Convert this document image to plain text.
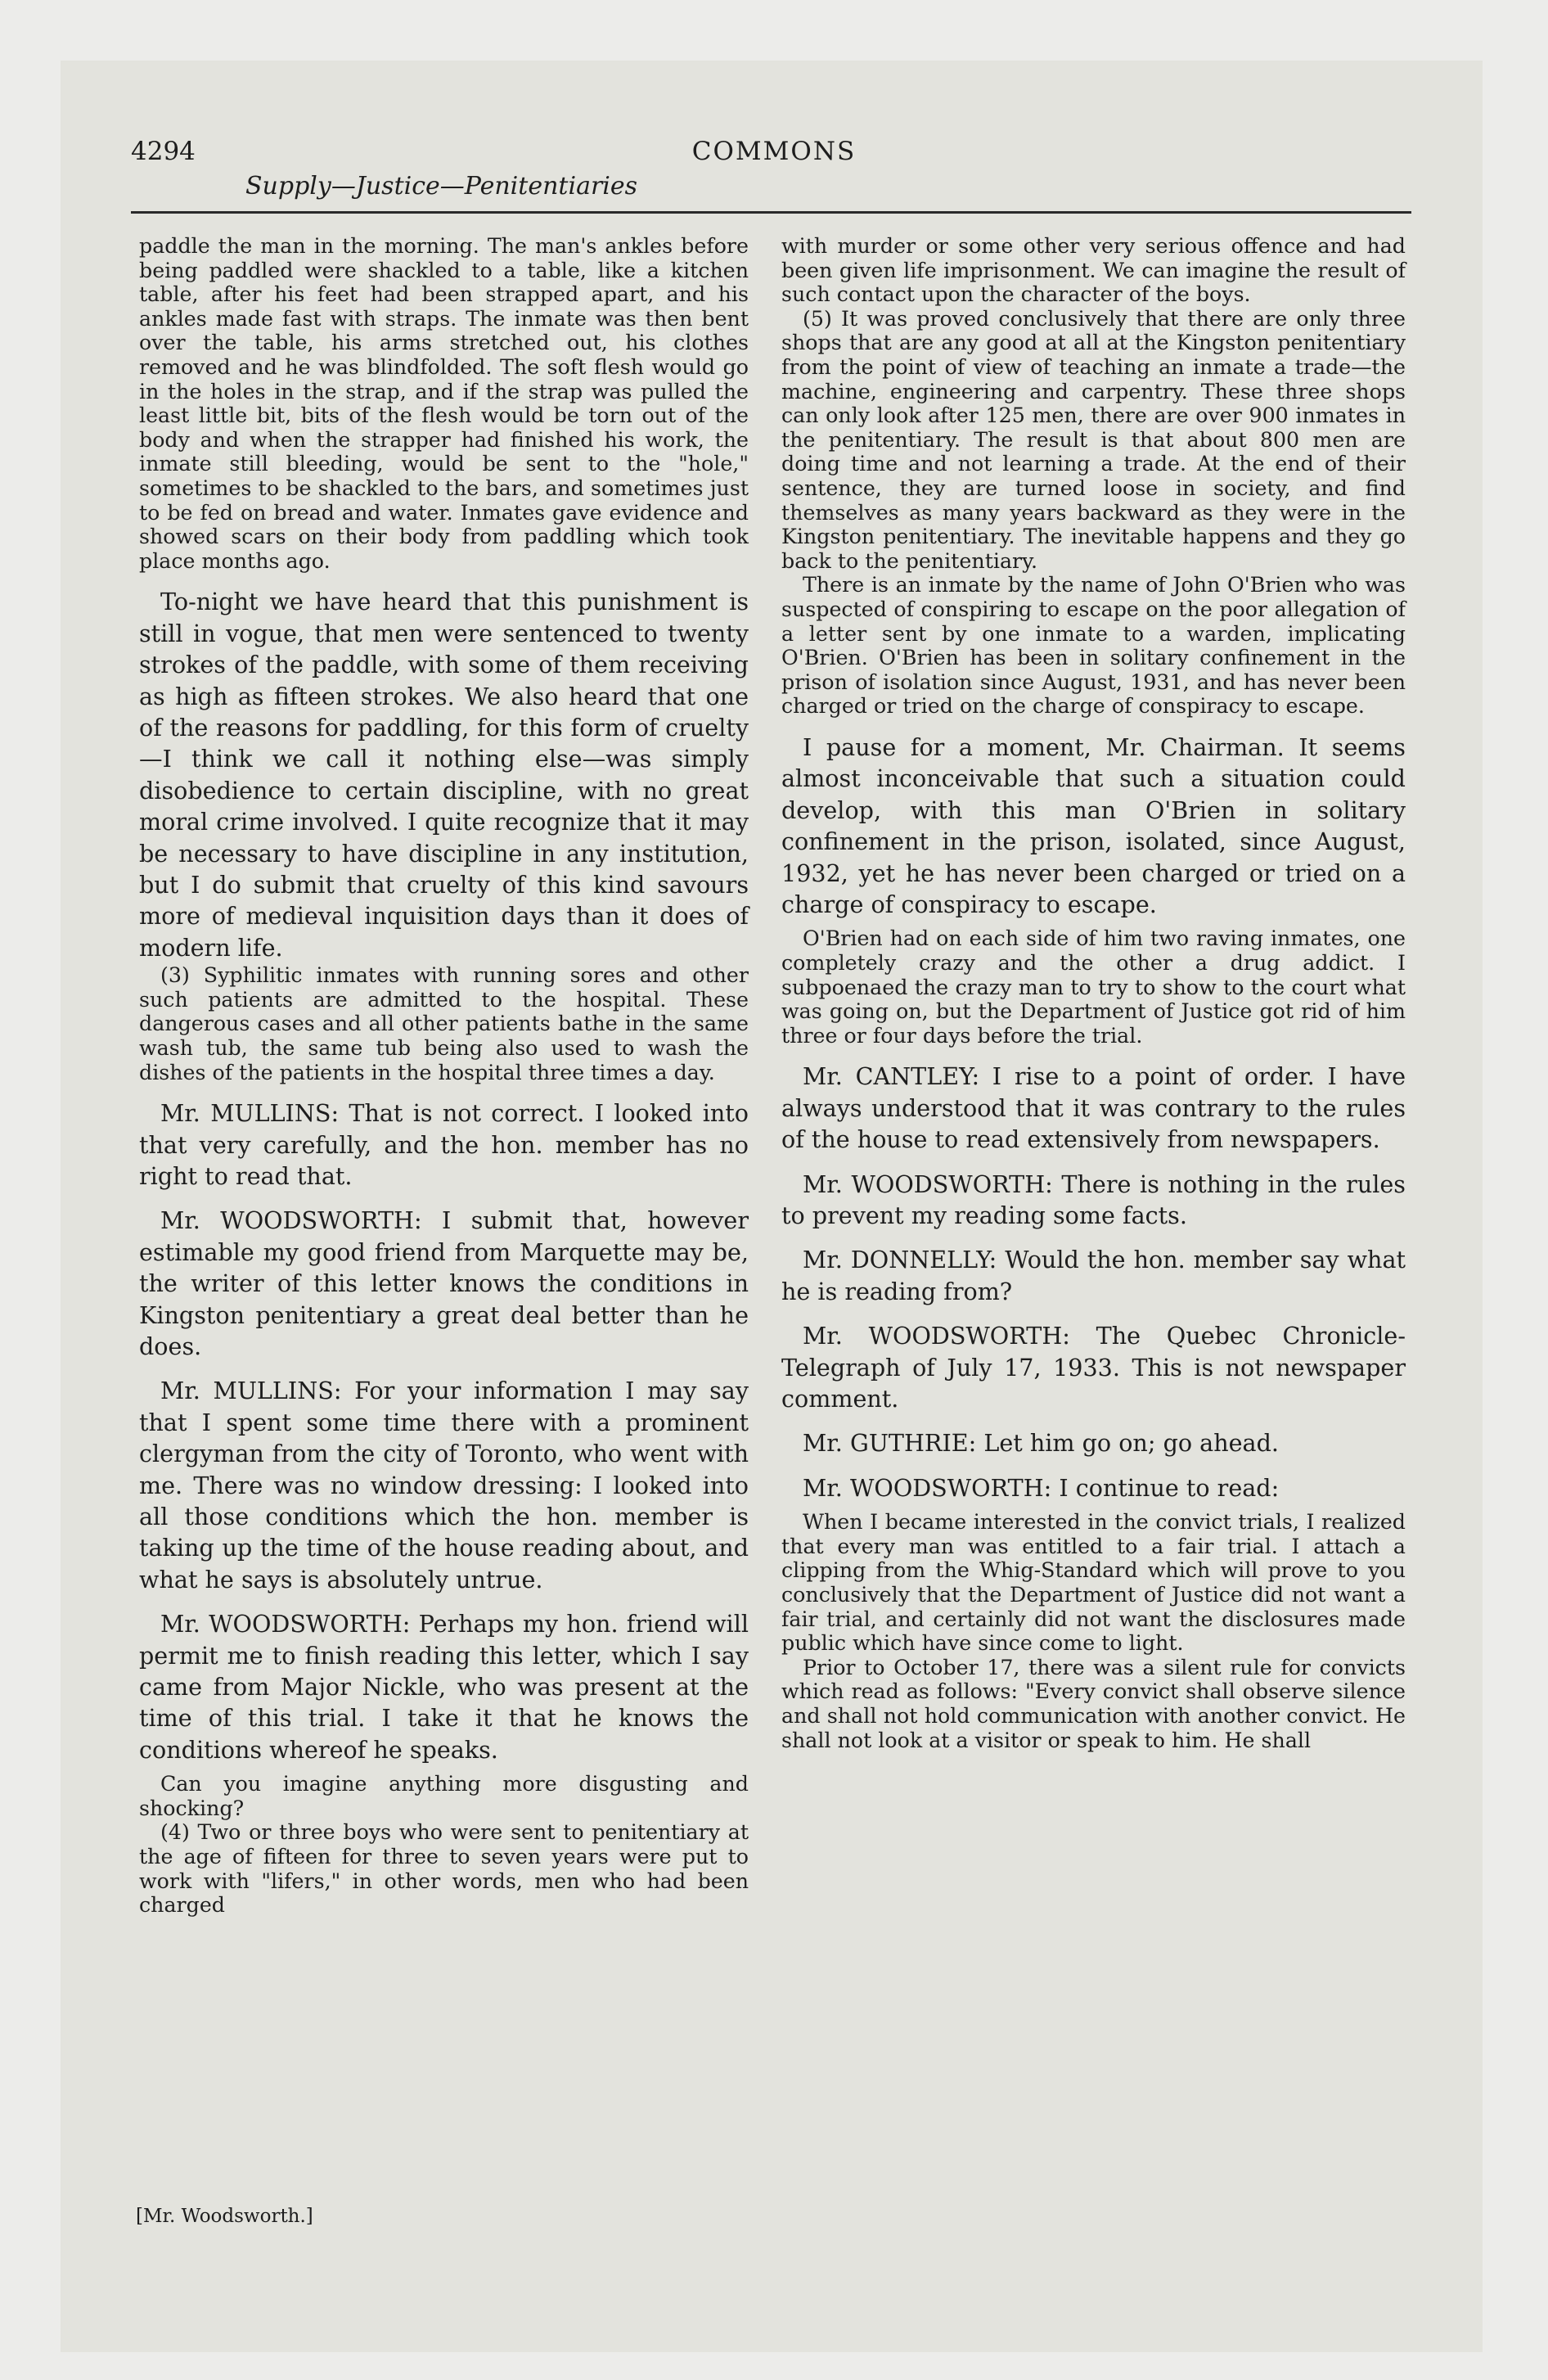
4294	COMMONS
Supply—Justice—Penitentiaries

paddle the man in the morning. The man's ankles before being paddled were shackled to a table, like a kitchen table, after his feet had been strapped apart, and his ankles made fast with straps. The inmate was then bent over the table, his arms stretched out, his clothes removed and he was blindfolded. The soft flesh would go in the holes in the strap, and if the strap was pulled the least little bit, bits of the flesh would be torn out of the body and when the strapper had finished his work, the inmate still bleeding, would be sent to the "hole," sometimes to be shackled to the bars, and sometimes just to be fed on bread and water. Inmates gave evidence and showed scars on their body from paddling which took place months ago.

To-night we have heard that this punishment is still in vogue, that men were sentenced to twenty strokes of the paddle, with some of them receiving as high as fifteen strokes. We also heard that one of the reasons for paddling, for this form of cruelty—I think we call it nothing else—was simply disobedience to certain discipline, with no great moral crime involved. I quite recognize that it may be necessary to have discipline in any institution, but I do submit that cruelty of this kind savours more of medieval inquisition days than it does of modern life.

(3) Syphilitic inmates with running sores and other such patients are admitted to the hospital. These dangerous cases and all other patients bathe in the same wash tub, the same tub being also used to wash the dishes of the patients in the hospital three times a day.

Mr. MULLINS: That is not correct. I looked into that very carefully, and the hon. member has no right to read that.

Mr. WOODSWORTH: I submit that, however estimable my good friend from Marquette may be, the writer of this letter knows the conditions in Kingston penitentiary a great deal better than he does.

Mr. MULLINS: For your information I may say that I spent some time there with a prominent clergyman from the city of Toronto, who went with me. There was no window dressing: I looked into all those conditions which the hon. member is taking up the time of the house reading about, and what he says is absolutely untrue.

Mr. WOODSWORTH: Perhaps my hon. friend will permit me to finish reading this letter, which I say came from Major Nickle, who was present at the time of this trial. I take it that he knows the conditions whereof he speaks.

Can you imagine anything more disgusting and shocking?

(4) Two or three boys who were sent to penitentiary at the age of fifteen for three to seven years were put to work with "lifers," in other words, men who had been charged

with murder or some other very serious offence and had been given life imprisonment. We can imagine the result of such contact upon the character of the boys.

(5) It was proved conclusively that there are only three shops that are any good at all at the Kingston penitentiary from the point of view of teaching an inmate a trade—the machine, engineering and carpentry. These three shops can only look after 125 men, there are over 900 inmates in the penitentiary. The result is that about 800 men are doing time and not learning a trade. At the end of their sentence, they are turned loose in society, and find themselves as many years backward as they were in the Kingston penitentiary. The inevitable happens and they go back to the penitentiary.

There is an inmate by the name of John O'Brien who was suspected of conspiring to escape on the poor allegation of a letter sent by one inmate to a warden, implicating O'Brien. O'Brien has been in solitary confinement in the prison of isolation since August, 1931, and has never been charged or tried on the charge of conspiracy to escape.

I pause for a moment, Mr. Chairman. It seems almost inconceivable that such a situation could develop, with this man O'Brien in solitary confinement in the prison, isolated, since August, 1932, yet he has never been charged or tried on a charge of conspiracy to escape.

O'Brien had on each side of him two raving inmates, one completely crazy and the other a drug addict. I subpoenaed the crazy man to try to show to the court what was going on, but the Department of Justice got rid of him three or four days before the trial.

Mr. CANTLEY: I rise to a point of order. I have always understood that it was contrary to the rules of the house to read extensively from newspapers.

Mr. WOODSWORTH: There is nothing in the rules to prevent my reading some facts.

Mr. DONNELLY: Would the hon. member say what he is reading from?

Mr. WOODSWORTH: The Quebec Chronicle-Telegraph of July 17, 1933. This is not newspaper comment.

Mr. GUTHRIE: Let him go on; go ahead.

Mr. WOODSWORTH: I continue to read:

When I became interested in the convict trials, I realized that every man was entitled to a fair trial. I attach a clipping from the Whig-Standard which will prove to you conclusively that the Department of Justice did not want a fair trial, and certainly did not want the disclosures made public which have since come to light.

Prior to October 17, there was a silent rule for convicts which read as follows: "Every convict shall observe silence and shall not hold communication with another convict. He shall not look at a visitor or speak to him. He shall

[Mr. Woodsworth.]
